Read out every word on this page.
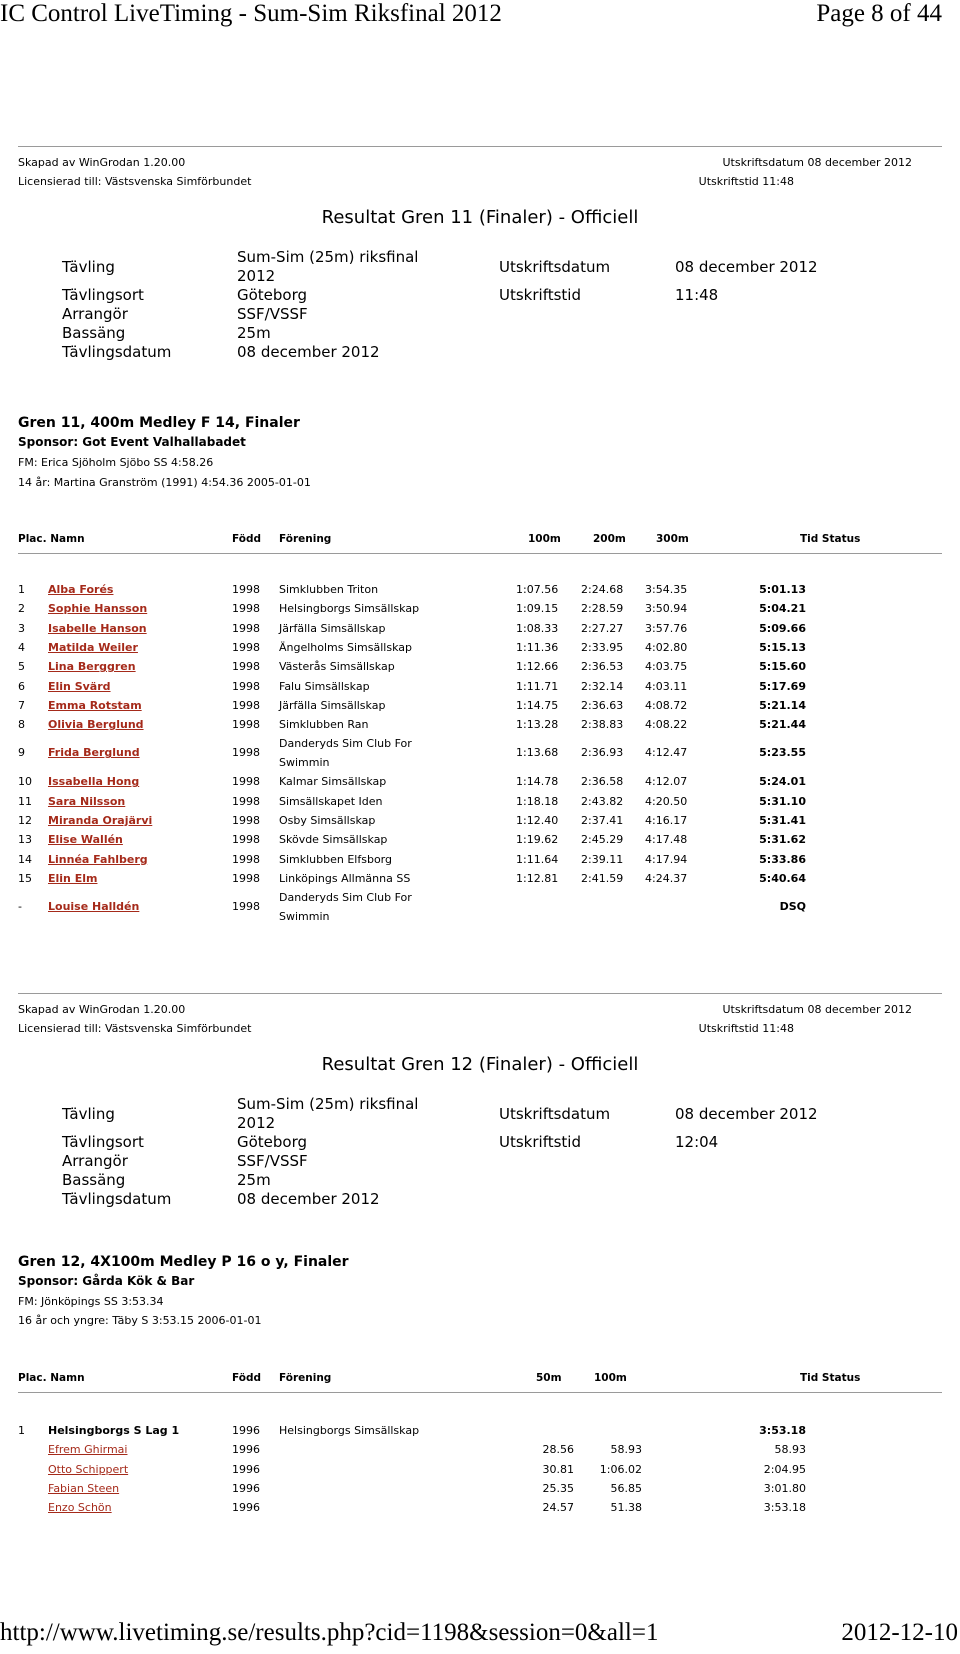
IC Control LiveTiming - Sum-Sim Riksfinal 2012	Page 8 of 44
Skapad av WinGrodan 1.20.00	Utskriftsdatum 08 december 2012
Licensierad till: Västsvenska Simförbundet	Utskriftstid 11:48
Resultat Gren 11 (Finaler) - Officiell
Tävling
Sum-Sim (25m) riksfinal
2012	Utskriftsdatum	08 december 2012
Tävlingsort	Göteborg	Utskriftstid	11:48
Arrangör	SSF/VSSF
Bassäng	25m
Tävlingsdatum	08 december 2012
Gren 11, 400m Medley F 14, Finaler
Sponsor: Got Event Valhallabadet
FM: Erica Sjöholm Sjöbo SS 4:58.26
14 år: Martina Granström (1991) 4:54.36 2005-01-01
Plac. Namn	Född Förening	100m	200m	300m	Tid Status
1 Alba Forés	1998 Simklubben Triton	1:07.56 2:24.68 3:54.35	5:01.13
2 Sophie Hansson	1998 Helsingborgs Simsällskap	1:09.15 2:28.59 3:50.94	5:04.21
3 Isabelle Hanson	1998 Järfälla Simsällskap	1:08.33 2:27.27 3:57.76	5:09.66
4 Matilda Weiler	1998 Ängelholms Simsällskap	1:11.36 2:33.95 4:02.80	5:15.13
5 Lina Berggren	1998 Västerås Simsällskap	1:12.66 2:36.53 4:03.75	5:15.60
6 Elin Svärd	1998 Falu Simsällskap	1:11.71 2:32.14 4:03.11	5:17.69
7 Emma Rotstam	1998 Järfälla Simsällskap	1:14.75 2:36.63 4:08.72	5:21.14
8 Olivia Berglund	1998 Simklubben Ran	1:13.28 2:38.83 4:08.22	5:21.44
9 Frida Berglund	1998
Danderyds Sim Club For
Swimmin
1:13.68 2:36.93 4:12.47	5:23.55
10 Issabella Hong	1998 Kalmar Simsällskap	1:14.78 2:36.58 4:12.07	5:24.01
11 Sara Nilsson	1998 Simsällskapet Iden	1:18.18 2:43.82 4:20.50	5:31.10
12 Miranda Orajärvi	1998 Osby Simsällskap	1:12.40 2:37.41 4:16.17	5:31.41
13 Elise Wallén	1998 Skövde Simsällskap	1:19.62 2:45.29 4:17.48	5:31.62
14 Linnéa Fahlberg	1998 Simklubben Elfsborg	1:11.64 2:39.11 4:17.94	5:33.86
15 Elin Elm	1998 Linköpings Allmänna SS	1:12.81 2:41.59 4:24.37	5:40.64
- Louise Halldén	1998
Danderyds Sim Club For
Swimmin
DSQ
Skapad av WinGrodan 1.20.00	Utskriftsdatum 08 december 2012
Licensierad till: Västsvenska Simförbundet	Utskriftstid 11:48
Resultat Gren 12 (Finaler) - Officiell
Tävling
Sum-Sim (25m) riksfinal
2012	Utskriftsdatum	08 december 2012
Tävlingsort	Göteborg	Utskriftstid	12:04
Arrangör	SSF/VSSF
Bassäng	25m
Tävlingsdatum	08 december 2012
Gren 12, 4X100m Medley P 16 o y, Finaler
Sponsor: Gårda Kök & Bar
FM: Jönköpings SS 3:53.34
16 år och yngre: Täby S 3:53.15 2006-01-01
Plac. Namn	Född Förening	50m	100m	Tid Status
1 Helsingborgs S Lag 1	1996 Helsingborgs Simsällskap	3:53.18
Efrem Ghirmai	1996	28.56	58.93	58.93
Otto Schippert	1996	30.81 1:06.02	2:04.95
Fabian Steen	1996	25.35	56.85	3:01.80
Enzo Schön	1996	24.57	51.38	3:53.18
http://www.livetiming.se/results.php?cid=1198&session=0&all=1	2012-12-10
